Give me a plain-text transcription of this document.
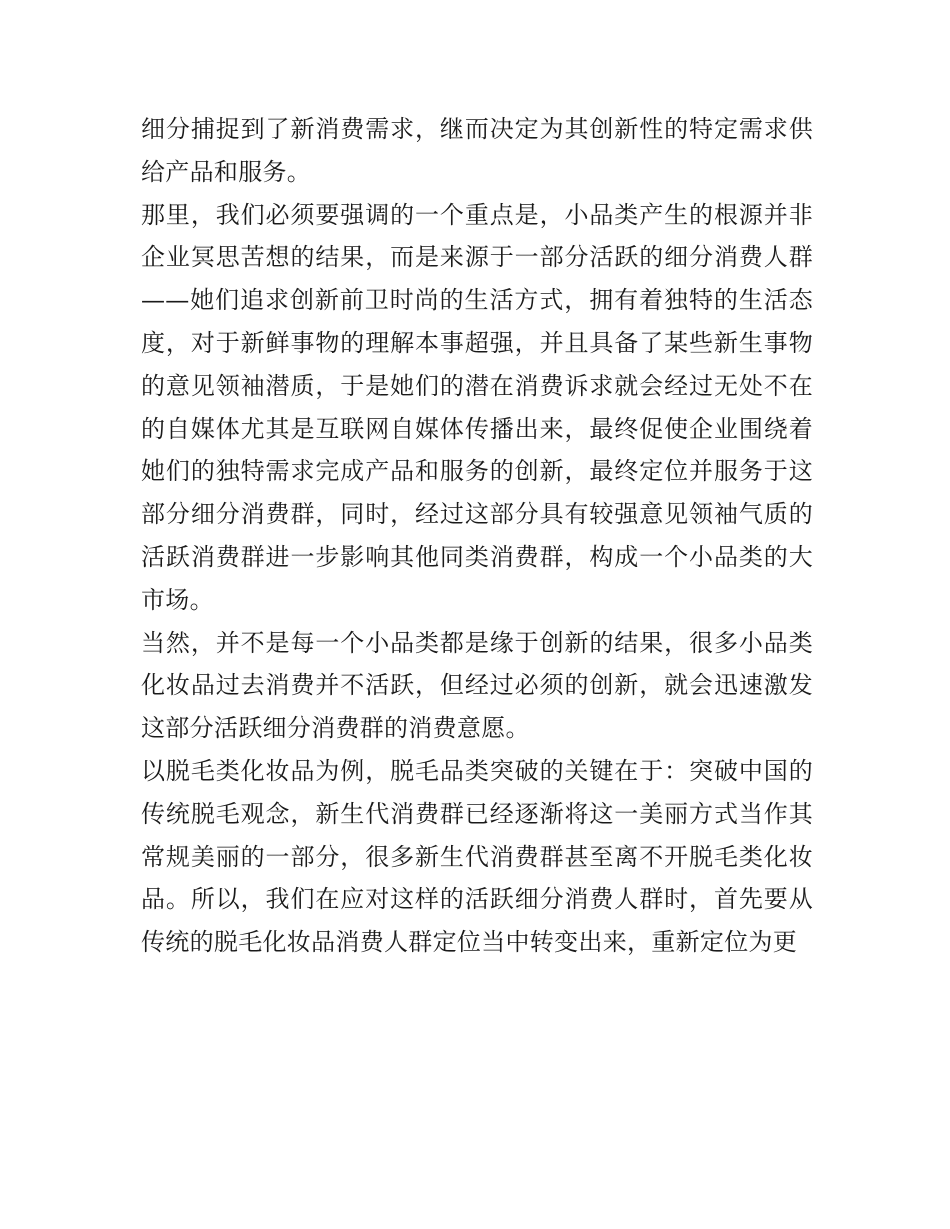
细分捕捉到了新消费需求，继而决定为其创新性的特定需求供给产品和服务。

那里，我们必须要强调的一个重点是，小品类产生的根源并非企业冥思苦想的结果，而是来源于一部分活跃的细分消费人群——她们追求创新前卫时尚的生活方式，拥有着独特的生活态度，对于新鲜事物的理解本事超强，并且具备了某些新生事物的意见领袖潜质，于是她们的潜在消费诉求就会经过无处不在的自媒体尤其是互联网自媒体传播出来，最终促使企业围绕着她们的独特需求完成产品和服务的创新，最终定位并服务于这部分细分消费群，同时，经过这部分具有较强意见领袖气质的活跃消费群进一步影响其他同类消费群，构成一个小品类的大市场。

当然，并不是每一个小品类都是缘于创新的结果，很多小品类化妆品过去消费并不活跃，但经过必须的创新，就会迅速激发这部分活跃细分消费群的消费意愿。

以脱毛类化妆品为例，脱毛品类突破的关键在于：突破中国的传统脱毛观念，新生代消费群已经逐渐将这一美丽方式当作其常规美丽的一部分，很多新生代消费群甚至离不开脱毛类化妆品。所以，我们在应对这样的活跃细分消费人群时，首先要从传统的脱毛化妆品消费人群定位当中转变出来，重新定位为更
